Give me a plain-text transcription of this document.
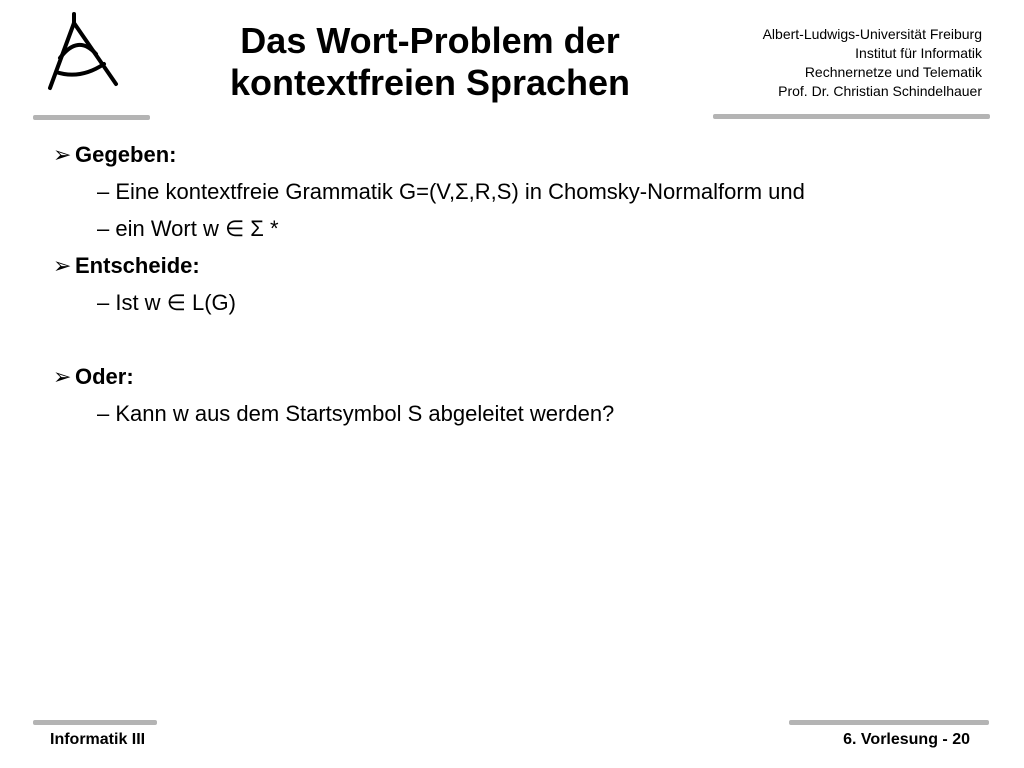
Das Wort-Problem der
kontextfreien Sprachen
Albert-Ludwigs-Universität Freiburg
Institut für Informatik
Rechnernetze und Telematik
Prof. Dr. Christian Schindelhauer
➢ Gegeben:
– Eine kontextfreie Grammatik G=(V,Σ,R,S) in Chomsky-Normalform und
– ein Wort w ∈ Σ *
➢ Entscheide:
– Ist w ∈ L(G)
➢ Oder:
– Kann w aus dem Startsymbol S abgeleitet werden?
Informatik III	6. Vorlesung - 20
